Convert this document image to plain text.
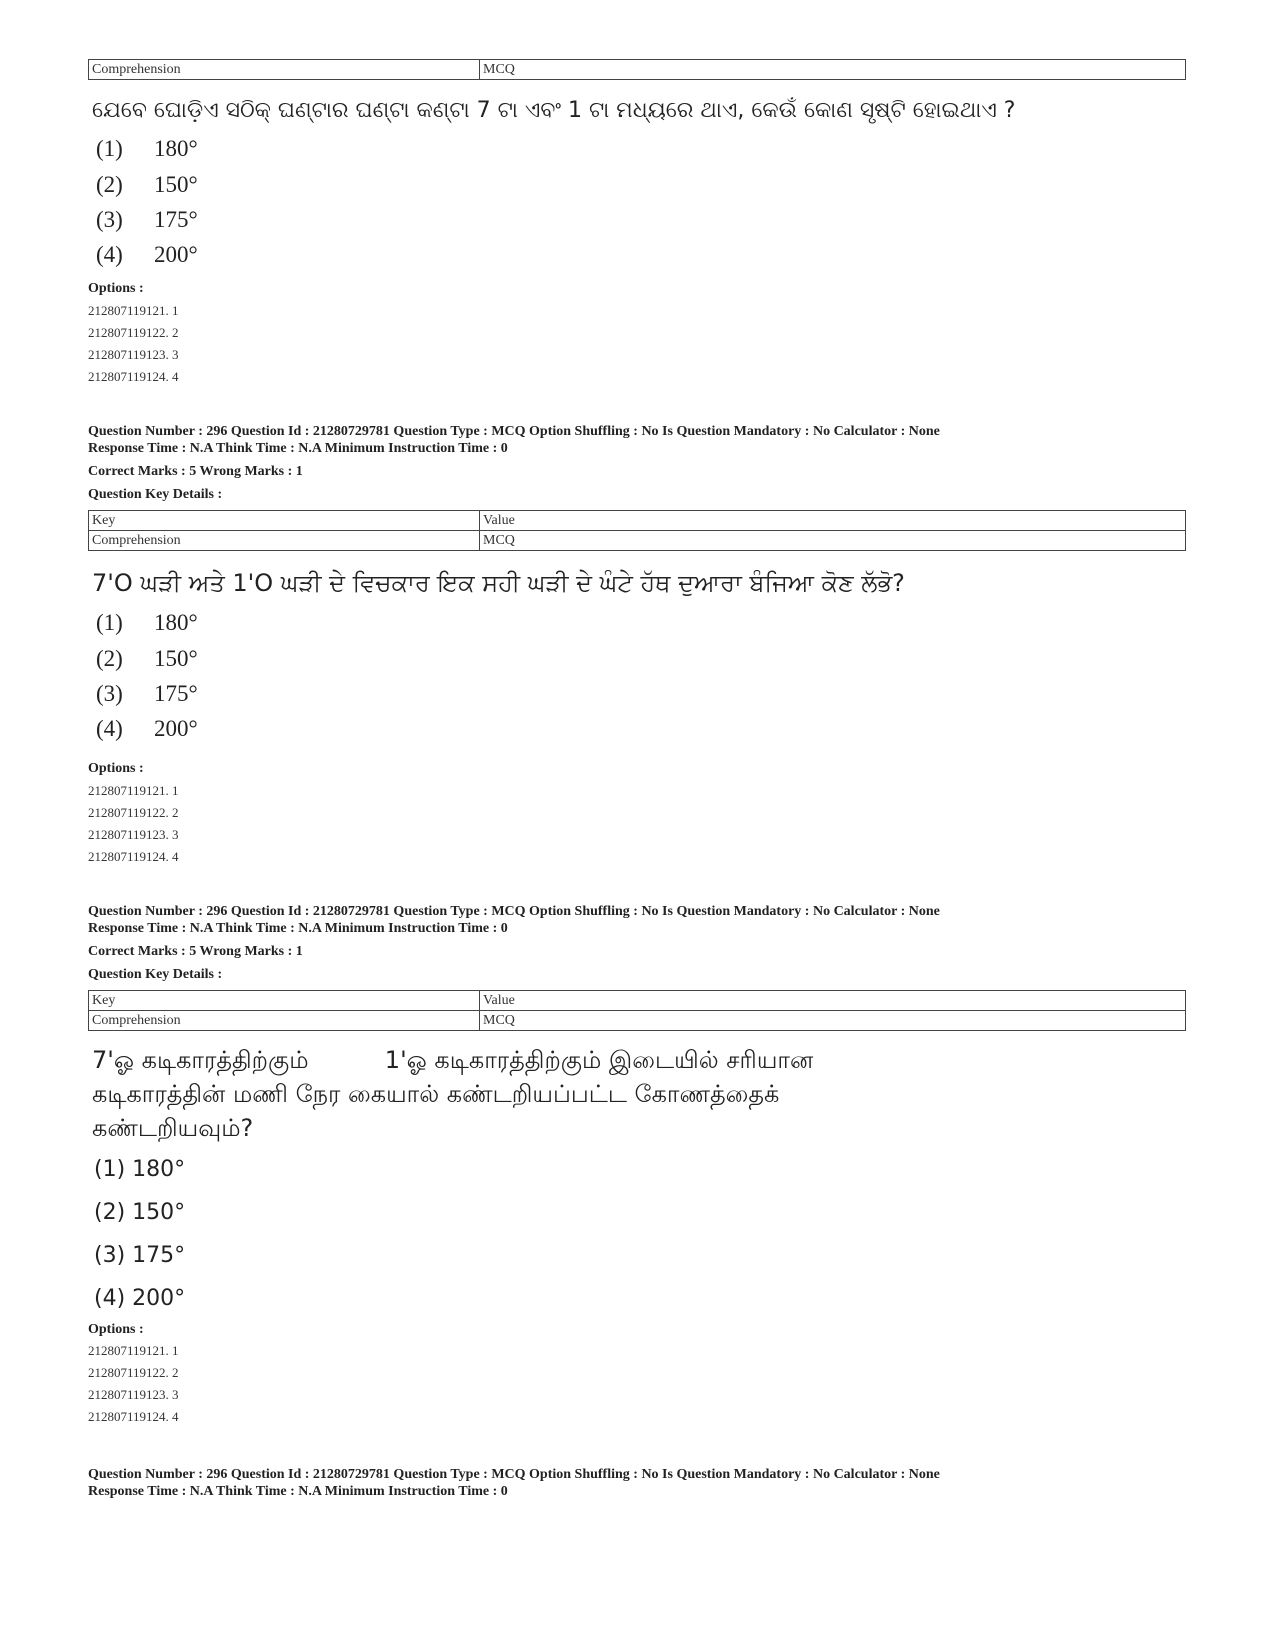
Comprehension	MCQ
ଯେବେ ଘୋଡ଼ିଏ ସଠିକ୍ ଘଣ୍ଟାର ଘଣ୍ଟା କଣ୍ଟା 7 ଟା ଏବଂ 1 ଟା ମଧ୍ୟରେ ଥାଏ, କେଉଁ କୋଣ ସୃଷ୍ଟି ହୋଇଥାଏ ?
(1) 180°
(2) 150°
(3) 175°
(4) 200°
Options :
212807119121. 1
212807119122. 2
212807119123. 3
212807119124. 4
Question Number : 296 Question Id : 21280729781 Question Type : MCQ Option Shuffling : No Is Question Mandatory : No Calculator : None
Response Time : N.A Think Time : N.A Minimum Instruction Time : 0
Correct Marks : 5 Wrong Marks : 1
Question Key Details :
Key	Value
Comprehension	MCQ
7'O ਘੜੀ ਅਤੇ 1'O ਘੜੀ ਦੇ ਵਿਚਕਾਰ ਇਕ ਸਹੀ ਘੜੀ ਦੇ ਘੰਟੇ ਹੱਥ ਦੁਆਰਾ ਬੰਜਿਆ ਕੋਣ ਲੱਭੋ?
(1) 180°
(2) 150°
(3) 175°
(4) 200°
Options :
212807119121. 1
212807119122. 2
212807119123. 3
212807119124. 4
Question Number : 296 Question Id : 21280729781 Question Type : MCQ Option Shuffling : No Is Question Mandatory : No Calculator : None
Response Time : N.A Think Time : N.A Minimum Instruction Time : 0
Correct Marks : 5 Wrong Marks : 1
Question Key Details :
Key	Value
Comprehension	MCQ
7'ஓ கடிகாரத்திற்கும்          1'ஓ கடிகாரத்திற்கும் இடையில் சரியான
கடிகாரத்தின் மணி நேர கையால் கண்டறியப்பட்ட கோணத்தைக்
கண்டறியவும்?
(1) 180°
(2) 150°
(3) 175°
(4) 200°
Options :
212807119121. 1
212807119122. 2
212807119123. 3
212807119124. 4
Question Number : 296 Question Id : 21280729781 Question Type : MCQ Option Shuffling : No Is Question Mandatory : No Calculator : None
Response Time : N.A Think Time : N.A Minimum Instruction Time : 0
